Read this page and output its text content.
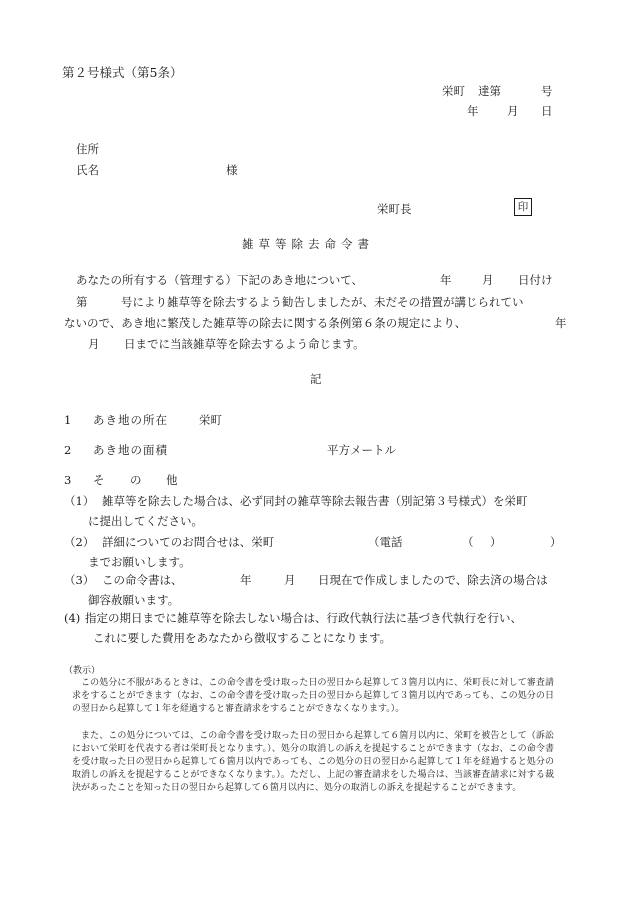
第２号様式（第5条）
栄町 達第	号
年 月 日
住所
氏名	様
栄町長	印
雑草等除去命令書
あなたの所有する（管理する）下記のあき地について、	年	月 日付け
第	号により雑草等を除去するよう勧告しましたが、未だその措置が講じられてい
ないので、あき地に繁茂した雑草等の除去に関する条例第６条の規定により、	年
月 日までに当該雑草等を除去するよう命じます。
記
1 あき地の所在	栄町
2 あき地の面積	平方メートル
3 そ の 他
（1） 雑草等を除去した場合は、必ず同封の雑草等除去報告書（別記第３号様式）を栄町
に提出してください。
（2） 詳細についてのお問合せは、栄町	（電話	（ ）	）
までお願いします。
（3） この命令書は、	年	月 日現在で作成しましたので、除去済の場合は
御容赦願います。
(4) 指定の期日までに雑草等を除去しない場合は、行政代執行法に基づき代執行を行い、
これに要した費用をあなたから徴収することになります。
（教示）
この処分に不服があるときは、この命令書を受け取った日の翌日から起算して３箇月以内に、栄町長に対して審査請求をすることができます（なお、この命令書を受け取った日の翌日から起算して３箇月以内であっても、この処分の日の翌日から起算して１年を経過すると審査請求をすることができなくなります。）。
また、この処分については、この命令書を受け取った日の翌日から起算して６箇月以内に、栄町を被告として（訴訟において栄町を代表する者は栄町長となります。）、処分の取消しの訴えを提起することができます（なお、この命令書を受け取った日の翌日から起算して６箇月以内であっても、この処分の日の翌日から起算して１年を経過すると処分の取消しの訴えを提起することができなくなります。）。ただし、上記の審査請求をした場合は、当該審査請求に対する裁決があったことを知った日の翌日から起算して６箇月以内に、処分の取消しの訴えを提起することができます。
